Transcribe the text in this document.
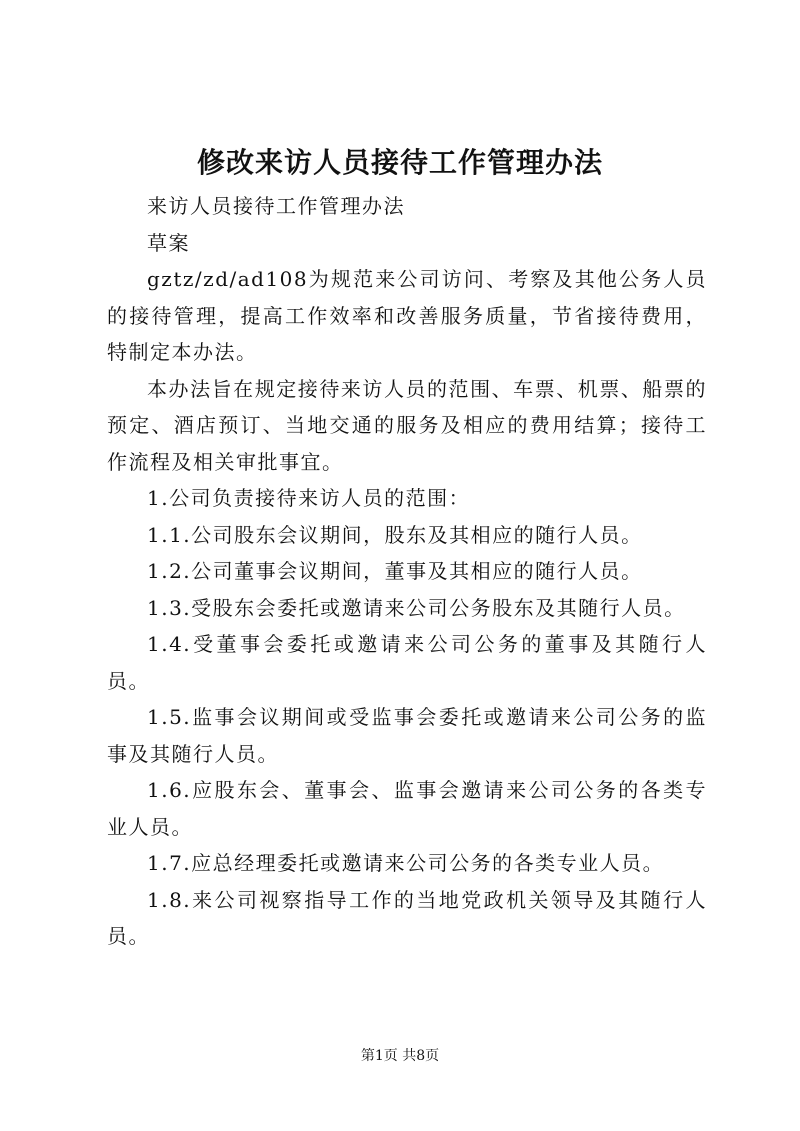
修改来访人员接待工作管理办法

来访人员接待工作管理办法

草案

gztz/zd/ad108为规范来公司访问、考察及其他公务人员的接待管理，提高工作效率和改善服务质量，节省接待费用，特制定本办法。

本办法旨在规定接待来访人员的范围、车票、机票、船票的预定、酒店预订、当地交通的服务及相应的费用结算；接待工作流程及相关审批事宜。

1.公司负责接待来访人员的范围：

1.1.公司股东会议期间，股东及其相应的随行人员。

1.2.公司董事会议期间，董事及其相应的随行人员。

1.3.受股东会委托或邀请来公司公务股东及其随行人员。

1.4.受董事会委托或邀请来公司公务的董事及其随行人员。

1.5.监事会议期间或受监事会委托或邀请来公司公务的监事及其随行人员。

1.6.应股东会、董事会、监事会邀请来公司公务的各类专业人员。

1.7.应总经理委托或邀请来公司公务的各类专业人员。

1.8.来公司视察指导工作的当地党政机关领导及其随行人员。

第1页 共8页
